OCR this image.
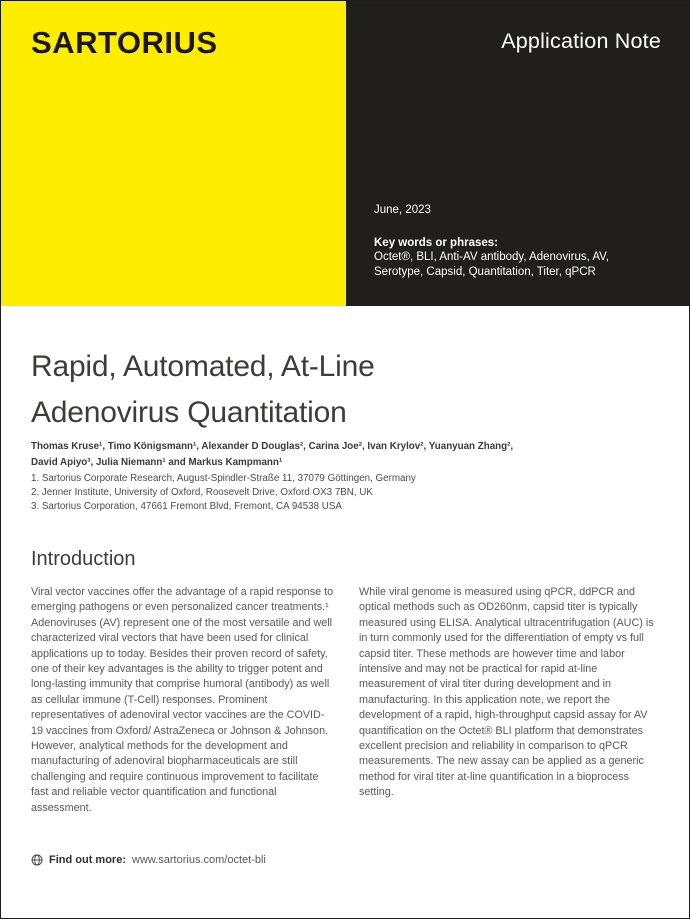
SARTORIUS	Application Note
June, 2023
Key words or phrases:
Octet®, BLI, Anti-AV antibody, Adenovirus, AV,
Serotype, Capsid, Quantitation, Titer, qPCR
Rapid, Automated, At-Line
Adenovirus Quantitation
Thomas Kruse¹, Timo Königsmann¹, Alexander D Douglas², Carina Joe², Ivan Krylov², Yuanyuan Zhang²,
David Apiyo³, Julia Niemann¹ and Markus Kampmann¹
1. Sartorius Corporate Research, August-Spindler-Straße 11, 37079 Göttingen, Germany
2. Jenner Institute, University of Oxford, Roosevelt Drive, Oxford OX3 7BN, UK
3. Sartorius Corporation, 47661 Fremont Blvd, Fremont, CA 94538 USA
Introduction

Viral vector vaccines offer the advantage of a rapid response to emerging pathogens or even personalized cancer treatments.¹ Adenoviruses (AV) represent one of the most versatile and well characterized viral vectors that have been used for clinical applications up to today. Besides their proven record of safety, one of their key advantages is the ability to trigger potent and long-lasting immunity that comprise humoral (antibody) as well as cellular immune (T-Cell) responses. Prominent representatives of adenoviral vector vaccines are the COVID-19 vaccines from Oxford/ AstraZeneca or Johnson & Johnson. However, analytical methods for the development and manufacturing of adenoviral biopharmaceuticals are still challenging and require continuous improvement to facilitate fast and reliable vector quantification and functional assessment.

While viral genome is measured using qPCR, ddPCR and optical methods such as OD260nm, capsid titer is typically measured using ELISA. Analytical ultracentrifugation (AUC) is in turn commonly used for the differentiation of empty vs full capsid titer. These methods are however time and labor intensive and may not be practical for rapid at-line measurement of viral titer during development and in manufacturing. In this application note, we report the development of a rapid, high-throughput capsid assay for AV quantification on the Octet® BLI platform that demonstrates excellent precision and reliability in comparison to qPCR measurements. The new assay can be applied as a generic method for viral titer at-line quantification in a bioprocess setting.

Find out more: www.sartorius.com/octet-bli
